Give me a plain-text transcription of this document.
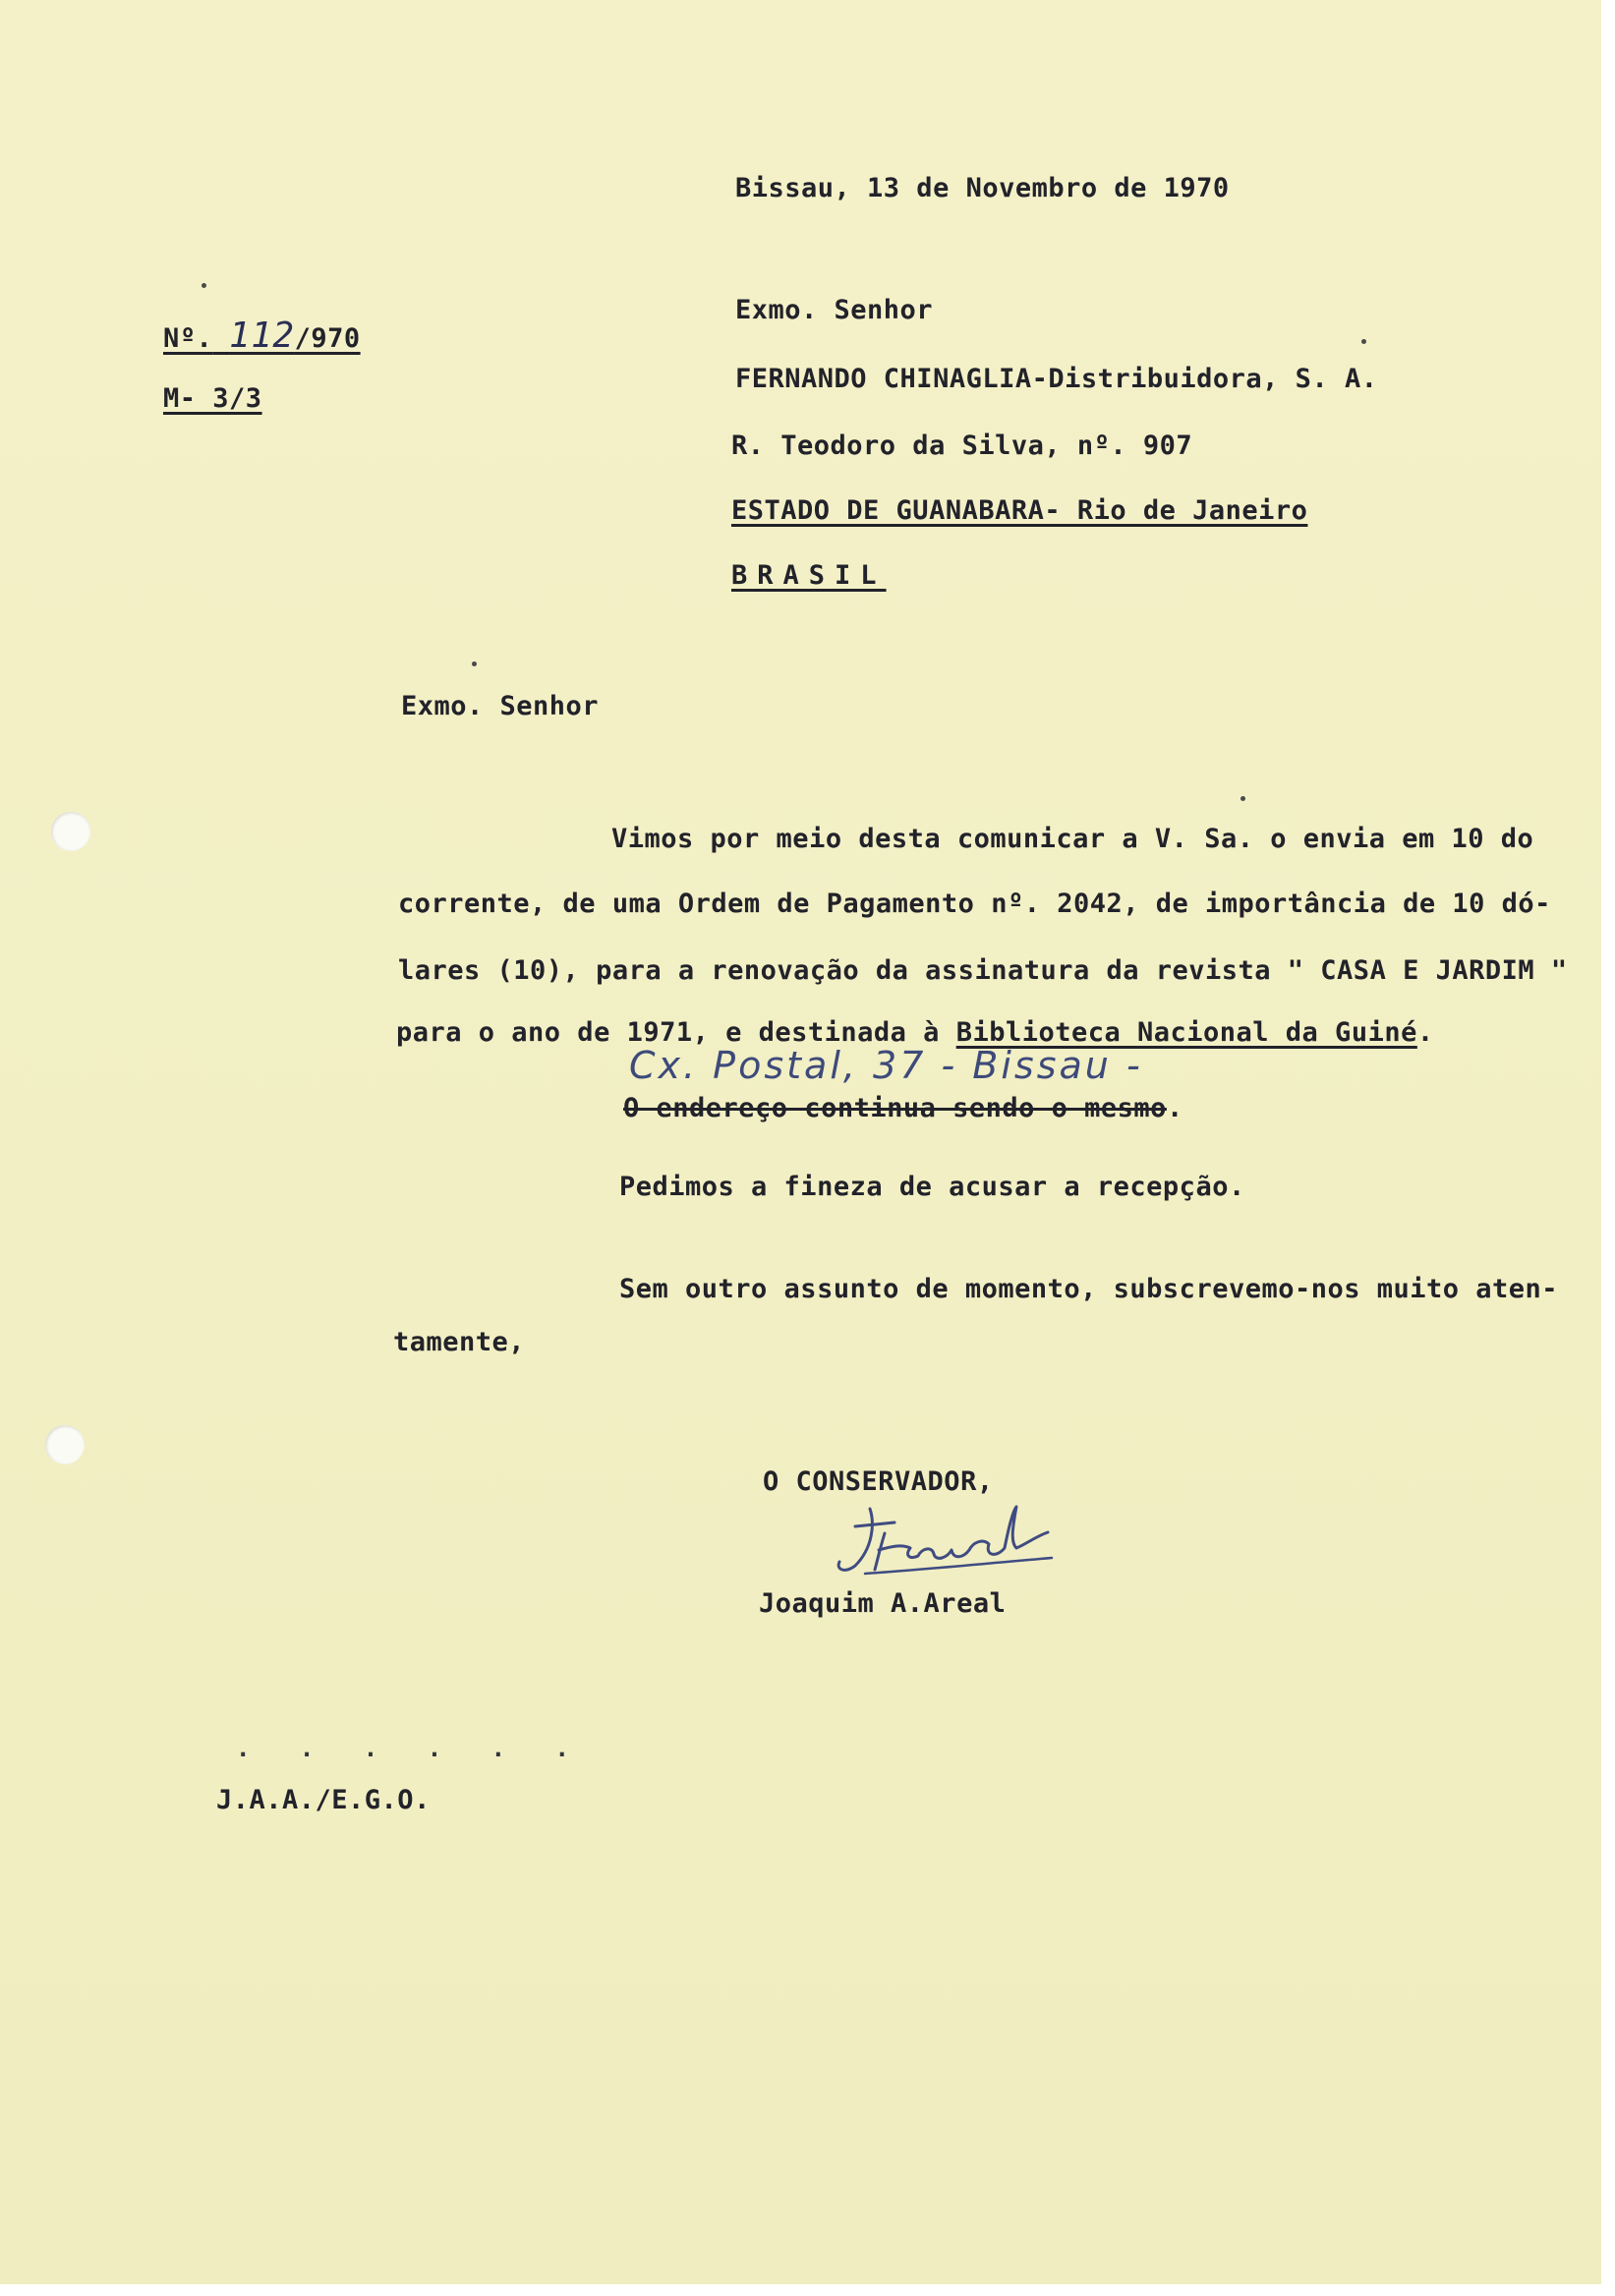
Bissau, 13 de Novembro de 1970
Nº. 112/970
M- 3/3
Exmo. Senhor
FERNANDO CHINAGLIA-Distribuidora, S. A.
R. Teodoro da Silva, nº. 907
ESTADO DE GUANABARA- Rio de Janeiro
BRASIL
Exmo. Senhor
Vimos por meio desta comunicar a V. Sa. o envia em 10 do
corrente, de uma Ordem de Pagamento nº. 2042, de importância de 10 dó-
lares (10), para a renovação da assinatura da revista " CASA E JARDIM "
para o ano de 1971, e destinada à Biblioteca Nacional da Guiné.
Cx. Postal, 37 - Bissau -
O endereço continua sendo o mesmo.
Pedimos a fineza de acusar a recepção.
Sem outro assunto de momento, subscrevemo-nos muito aten-
tamente,
O CONSERVADOR,
Joaquim A.Areal
. . . . . .
J.A.A./E.G.O.
